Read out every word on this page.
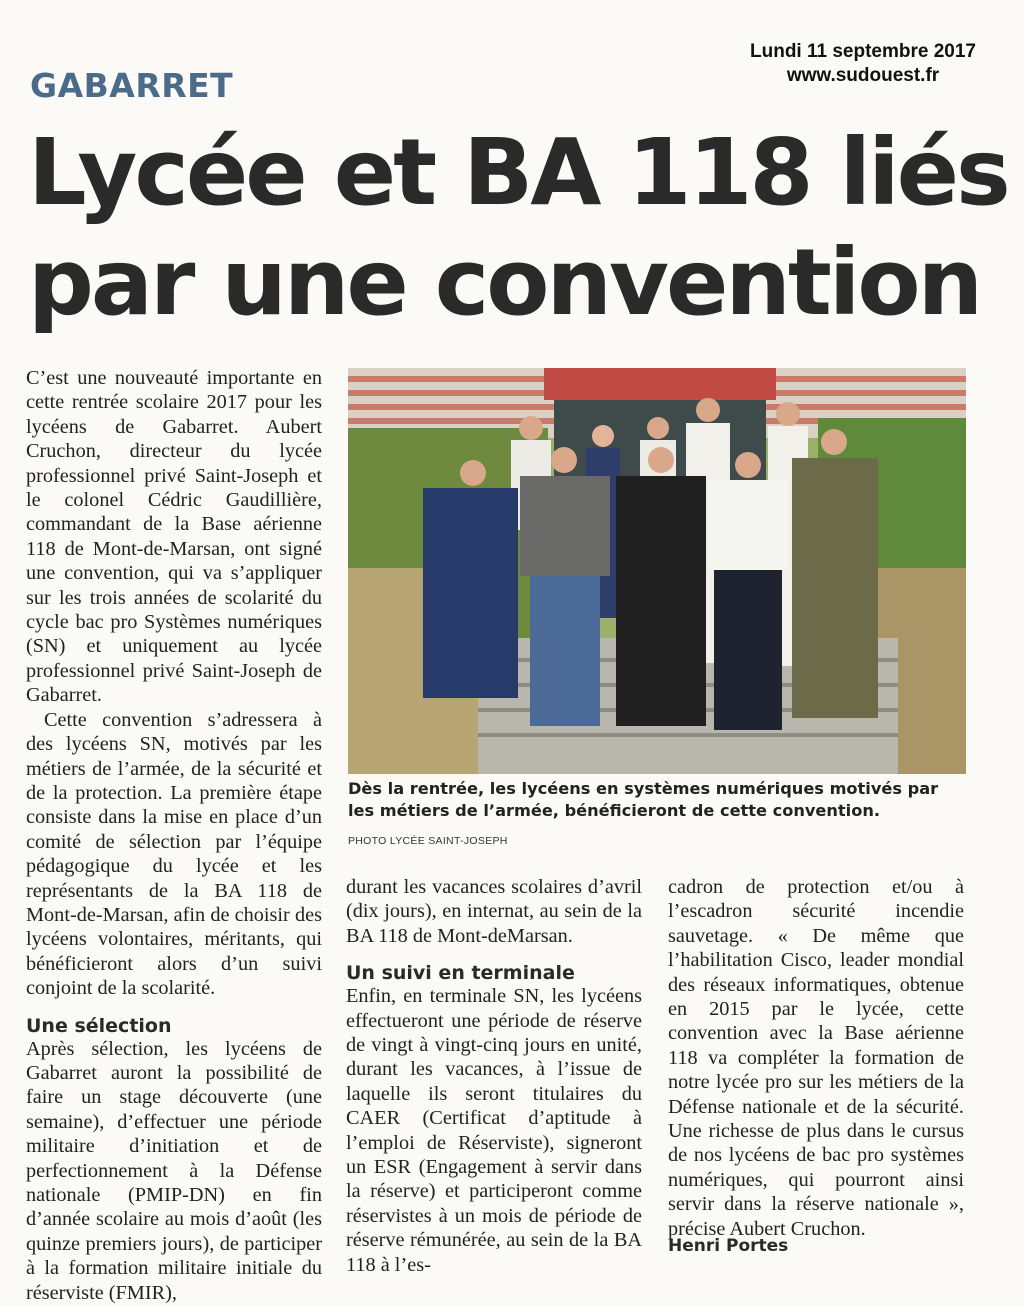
Lundi 11 septembre 2017
www.sudouest.fr
GABARRET
Lycée et BA 118 liés
par une convention

C’est une nouveauté importante en cette rentrée scolaire 2017 pour les lycéens de Gabarret. Aubert Cruchon, directeur du lycée professionnel privé Saint-Joseph et le colonel Cédric Gaudillière, commandant de la Base aérienne 118 de Mont-de-Marsan, ont signé une convention, qui va s’appliquer sur les trois années de scolarité du cycle bac pro Systèmes numériques (SN) et uniquement au lycée professionnel privé Saint-Joseph de Gabarret.

Cette convention s’adressera à des lycéens SN, motivés par les métiers de l’armée, de la sécurité et de la protection. La première étape consiste dans la mise en place d’un comité de sélection par l’équipe pédagogique du lycée et les représentants de la BA 118 de Mont-de-Marsan, afin de choisir des lycéens volontaires, méritants, qui bénéficieront alors d’un suivi conjoint de la scolarité.

Une sélection

Après sélection, les lycéens de Gabarret auront la possibilité de faire un stage découverte (une semaine), d’effectuer une période militaire d’initiation et de perfectionnement à la Défense nationale (PMIP-DN) en fin d’année scolaire au mois d’août (les quinze premiers jours), de participer à la formation militaire initiale du réserviste (FMIR),

Dès la rentrée, les lycéens en systèmes numériques motivés par les métiers de l’armée, bénéficieront de cette convention.
PHOTO LYCÉE SAINT-JOSEPH

durant les vacances scolaires d’avril (dix jours), en internat, au sein de la BA 118 de Mont-deMarsan.

Un suivi en terminale

Enfin, en terminale SN, les lycéens effectueront une période de réserve de vingt à vingt-cinq jours en unité, durant les vacances, à l’issue de laquelle ils seront titulaires du CAER (Certificat d’aptitude à l’emploi de Réserviste), signeront un ESR (Engagement à servir dans la réserve) et participeront comme réservistes à un mois de période de réserve rémunérée, au sein de la BA 118 à l’es-

cadron de protection et/ou à l’escadron sécurité incendie sauvetage. « De même que l’habilitation Cisco, leader mondial des réseaux informatiques, obtenue en 2015 par le lycée, cette convention avec la Base aérienne 118 va compléter la formation de notre lycée pro sur les métiers de la Défense nationale et de la sécurité. Une richesse de plus dans le cursus de nos lycéens de bac pro systèmes numériques, qui pourront ainsi servir dans la réserve nationale », précise Aubert Cruchon.

Henri Portes
